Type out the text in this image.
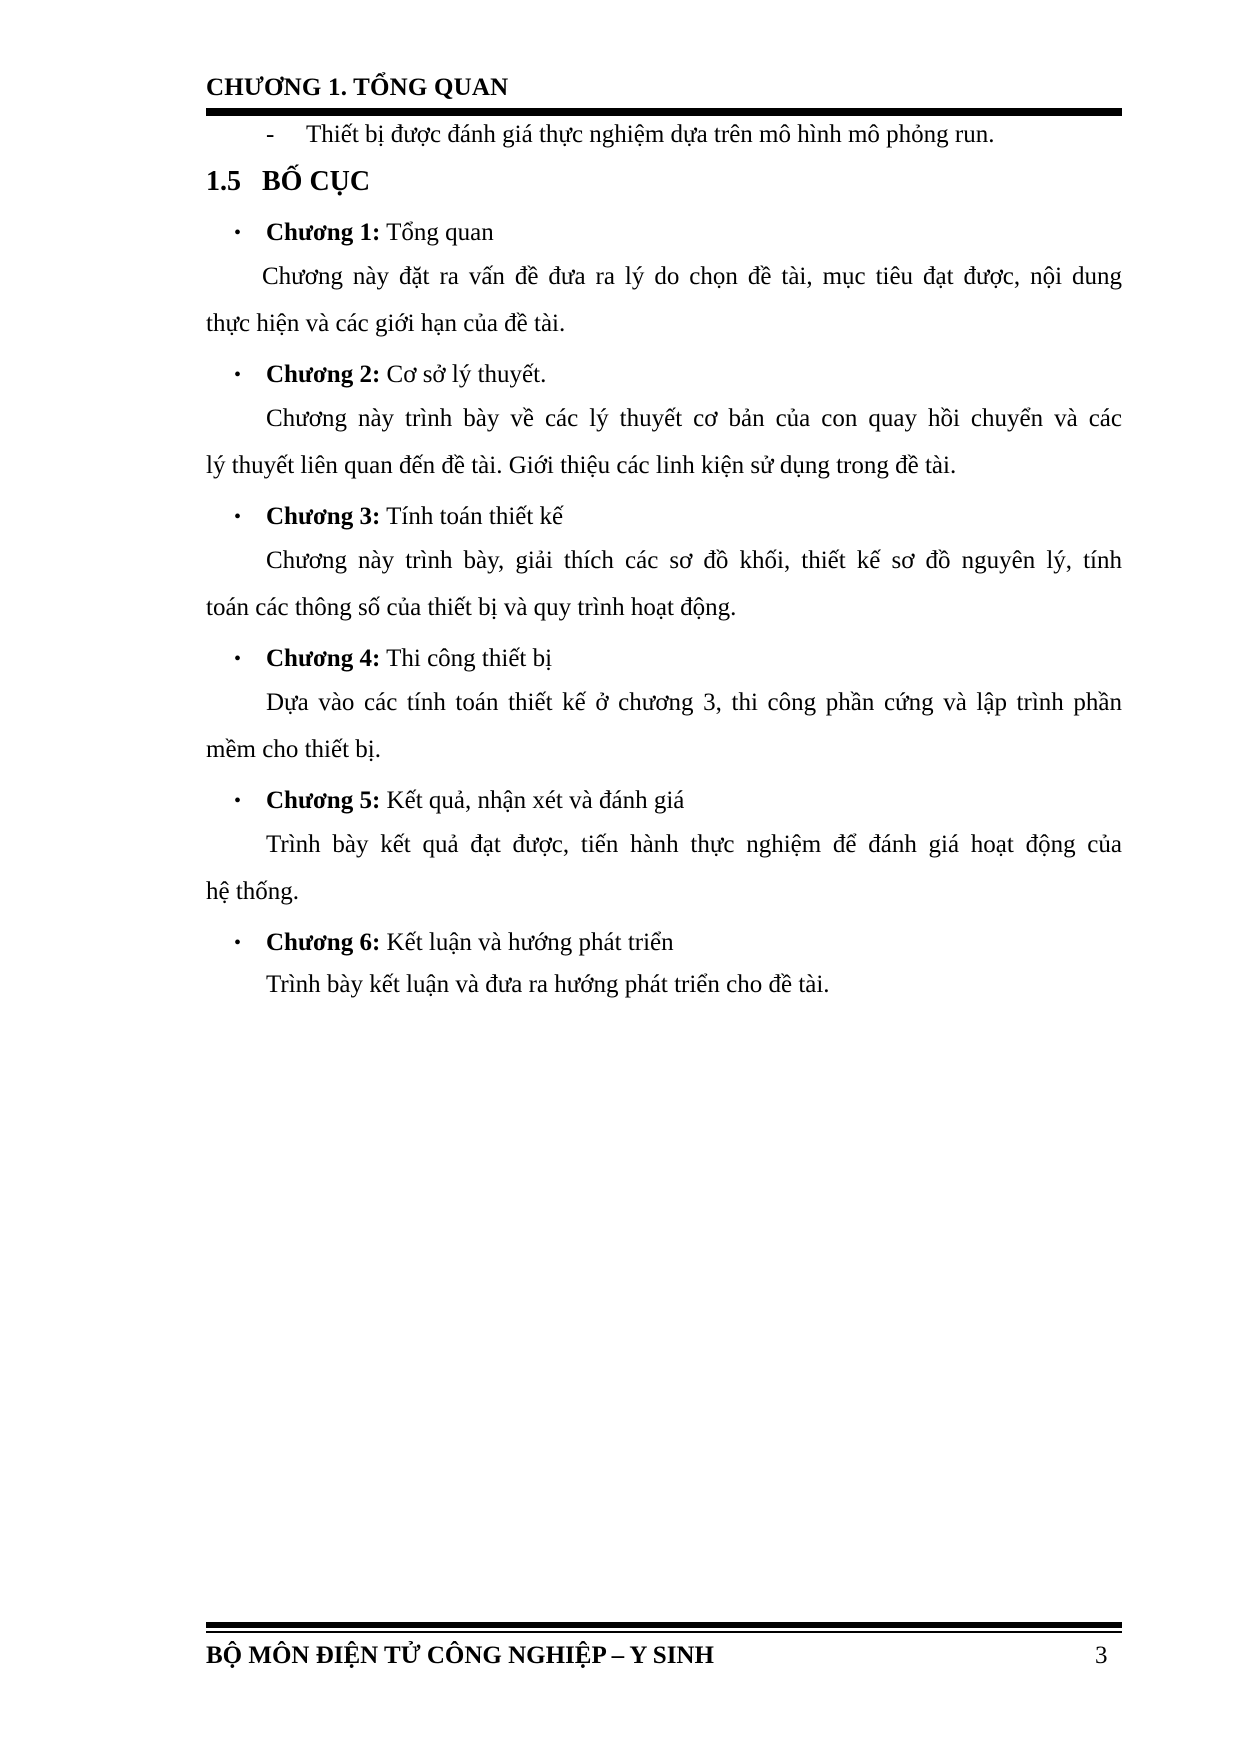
CHƯƠNG 1. TỔNG QUAN
- Thiết bị được đánh giá thực nghiệm dựa trên mô hình mô phỏng run.
1.5 BỐ CỤC
• Chương 1: Tổng quan
Chương này đặt ra vấn đề đưa ra lý do chọn đề tài, mục tiêu đạt được, nội dung
thực hiện và các giới hạn của đề tài.
• Chương 2: Cơ sở lý thuyết.
Chương này trình bày về các lý thuyết cơ bản của con quay hồi chuyển và các
lý thuyết liên quan đến đề tài. Giới thiệu các linh kiện sử dụng trong đề tài.
• Chương 3: Tính toán thiết kế
Chương này trình bày, giải thích các sơ đồ khối, thiết kế sơ đồ nguyên lý, tính
toán các thông số của thiết bị và quy trình hoạt động.
• Chương 4: Thi công thiết bị
Dựa vào các tính toán thiết kế ở chương 3, thi công phần cứng và lập trình phần
mềm cho thiết bị.
• Chương 5: Kết quả, nhận xét và đánh giá
Trình bày kết quả đạt được, tiến hành thực nghiệm để đánh giá hoạt động của
hệ thống.
• Chương 6: Kết luận và hướng phát triển
Trình bày kết luận và đưa ra hướng phát triển cho đề tài.
BỘ MÔN ĐIỆN TỬ CÔNG NGHIỆP – Y SINH	3
